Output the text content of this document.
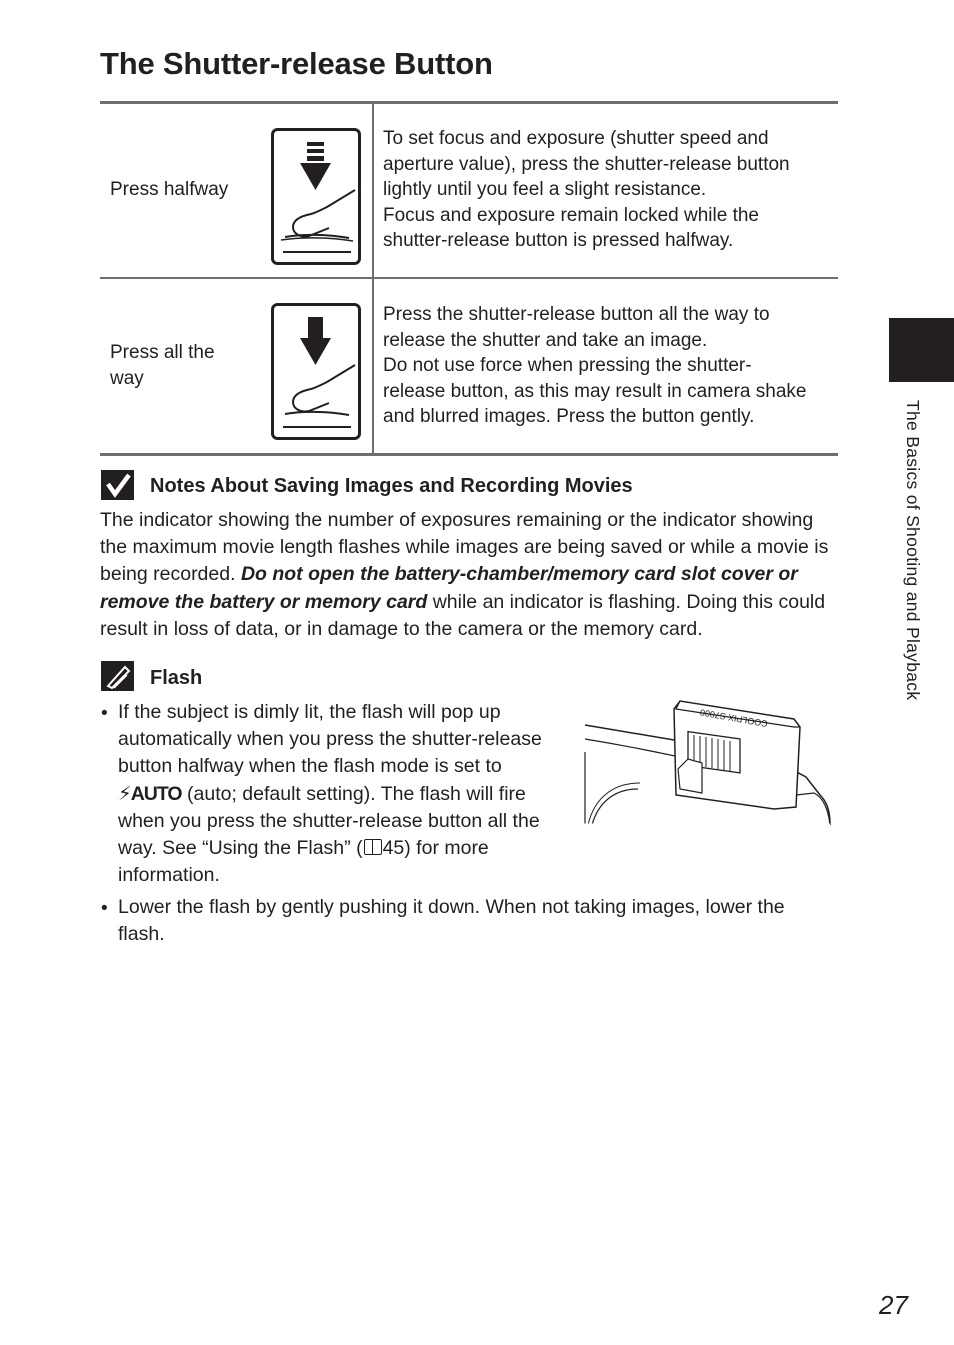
The Shutter-release Button
Press halfway
To set focus and exposure (shutter speed and
aperture value), press the shutter-release button
lightly until you feel a slight resistance.
Focus and exposure remain locked while the
shutter-release button is pressed halfway.
Press all the
way
Press the shutter-release button all the way to
release the shutter and take an image.
Do not use force when pressing the shutter-
release button, as this may result in camera shake
and blurred images. Press the button gently.
Notes About Saving Images and Recording Movies
The indicator showing the number of exposures remaining or the indicator showing
the maximum movie length flashes while images are being saved or while a movie is
being recorded. Do not open the battery-chamber/memory card slot cover or
remove the battery or memory card while an indicator is flashing. Doing this could
result in loss of data, or in damage to the camera or the memory card.
Flash
• If the subject is dimly lit, the flash will pop up
automatically when you press the shutter-release
button halfway when the flash mode is set to
⚡AUTO (auto; default setting). The flash will fire
when you press the shutter-release button all the
way. See “Using the Flash” ( 45) for more
information.
• Lower the flash by gently pushing it down. When not taking images, lower the
flash.
COOLPIX S7000
The Basics of Shooting and Playback
27
